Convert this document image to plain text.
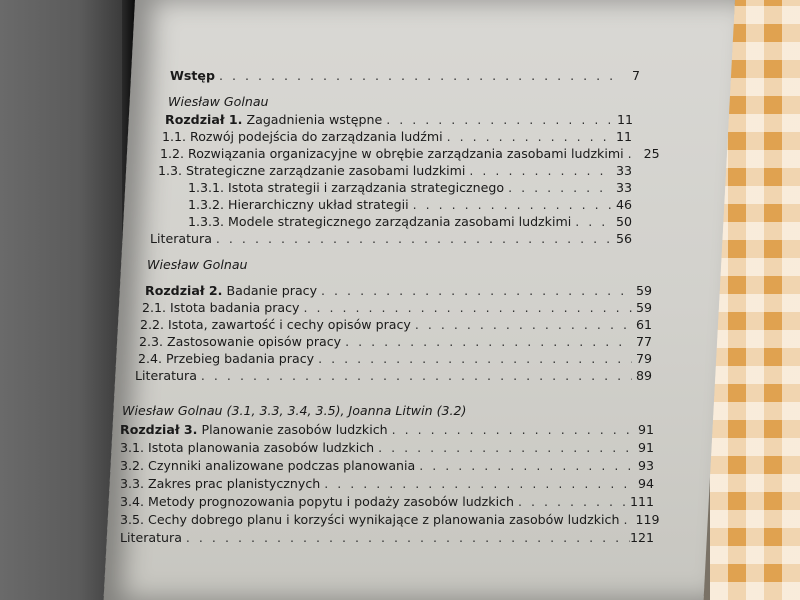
Wstęp . . .	7
Wiesław Golnau
Rozdział 1. Zagadnienia wstępne . . .	11
1.1. Rozwój podejścia do zarządzania ludźmi . . .	11
1.2. Rozwiązania organizacyjne w obrębie zarządzania zasobami ludzkimi . . .	25
1.3. Strategiczne zarządzanie zasobami ludzkimi . . .	33
1.3.1. Istota strategii i zarządzania strategicznego . . .	33
1.3.2. Hierarchiczny układ strategii . . .	46
1.3.3. Modele strategicznego zarządzania zasobami ludzkimi . . .	50
Literatura . . .	56
Wiesław Golnau
Rozdział 2. Badanie pracy . . .	59
2.1. Istota badania pracy . . .	59
2.2. Istota, zawartość i cechy opisów pracy . . .	61
2.3. Zastosowanie opisów pracy . . .	77
2.4. Przebieg badania pracy . . .	79
Literatura . . .	89
Wiesław Golnau (3.1, 3.3, 3.4, 3.5), Joanna Litwin (3.2)
Rozdział 3. Planowanie zasobów ludzkich . . .	91
3.1. Istota planowania zasobów ludzkich . . .	91
3.2. Czynniki analizowane podczas planowania . . .	93
3.3. Zakres prac planistycznych . . .	94
3.4. Metody prognozowania popytu i podaży zasobów ludzkich . . .	111
3.5. Cechy dobrego planu i korzyści wynikające z planowania zasobów ludzkich . . . 119
Literatura . . .	121
